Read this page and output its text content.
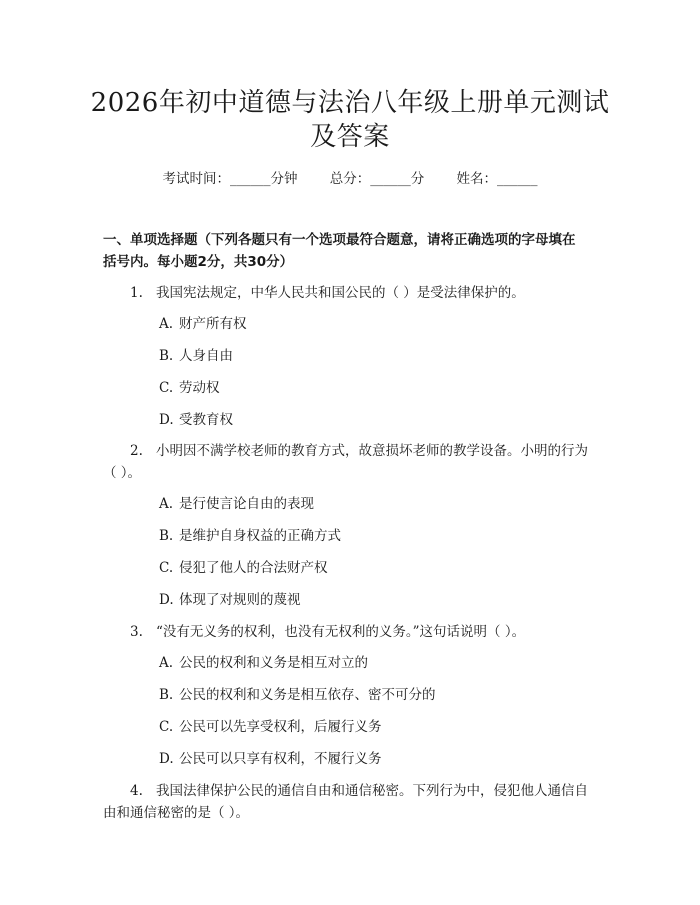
2026年初中道德与法治八年级上册单元测试
及答案
考试时间：______分钟 总分：______分 姓名：______

一、单项选择题（下列各题只有一个选项最符合题意，请将正确选项的字母填在

括号内。每小题2分，共30分）

1. 我国宪法规定，中华人民共和国公民的（ ）是受法律保护的。

A. 财产所有权

B. 人身自由

C. 劳动权

D. 受教育权

2. 小明因不满学校老师的教育方式，故意损坏老师的教学设备。小明的行为

（ ）。

A. 是行使言论自由的表现

B. 是维护自身权益的正确方式

C. 侵犯了他人的合法财产权

D. 体现了对规则的蔑视

3. “没有无义务的权利，也没有无权利的义务。”这句话说明（ ）。

A. 公民的权利和义务是相互对立的

B. 公民的权利和义务是相互依存、密不可分的

C. 公民可以先享受权利，后履行义务

D. 公民可以只享有权利，不履行义务

4. 我国法律保护公民的通信自由和通信秘密。下列行为中，侵犯他人通信自

由和通信秘密的是（ ）。
